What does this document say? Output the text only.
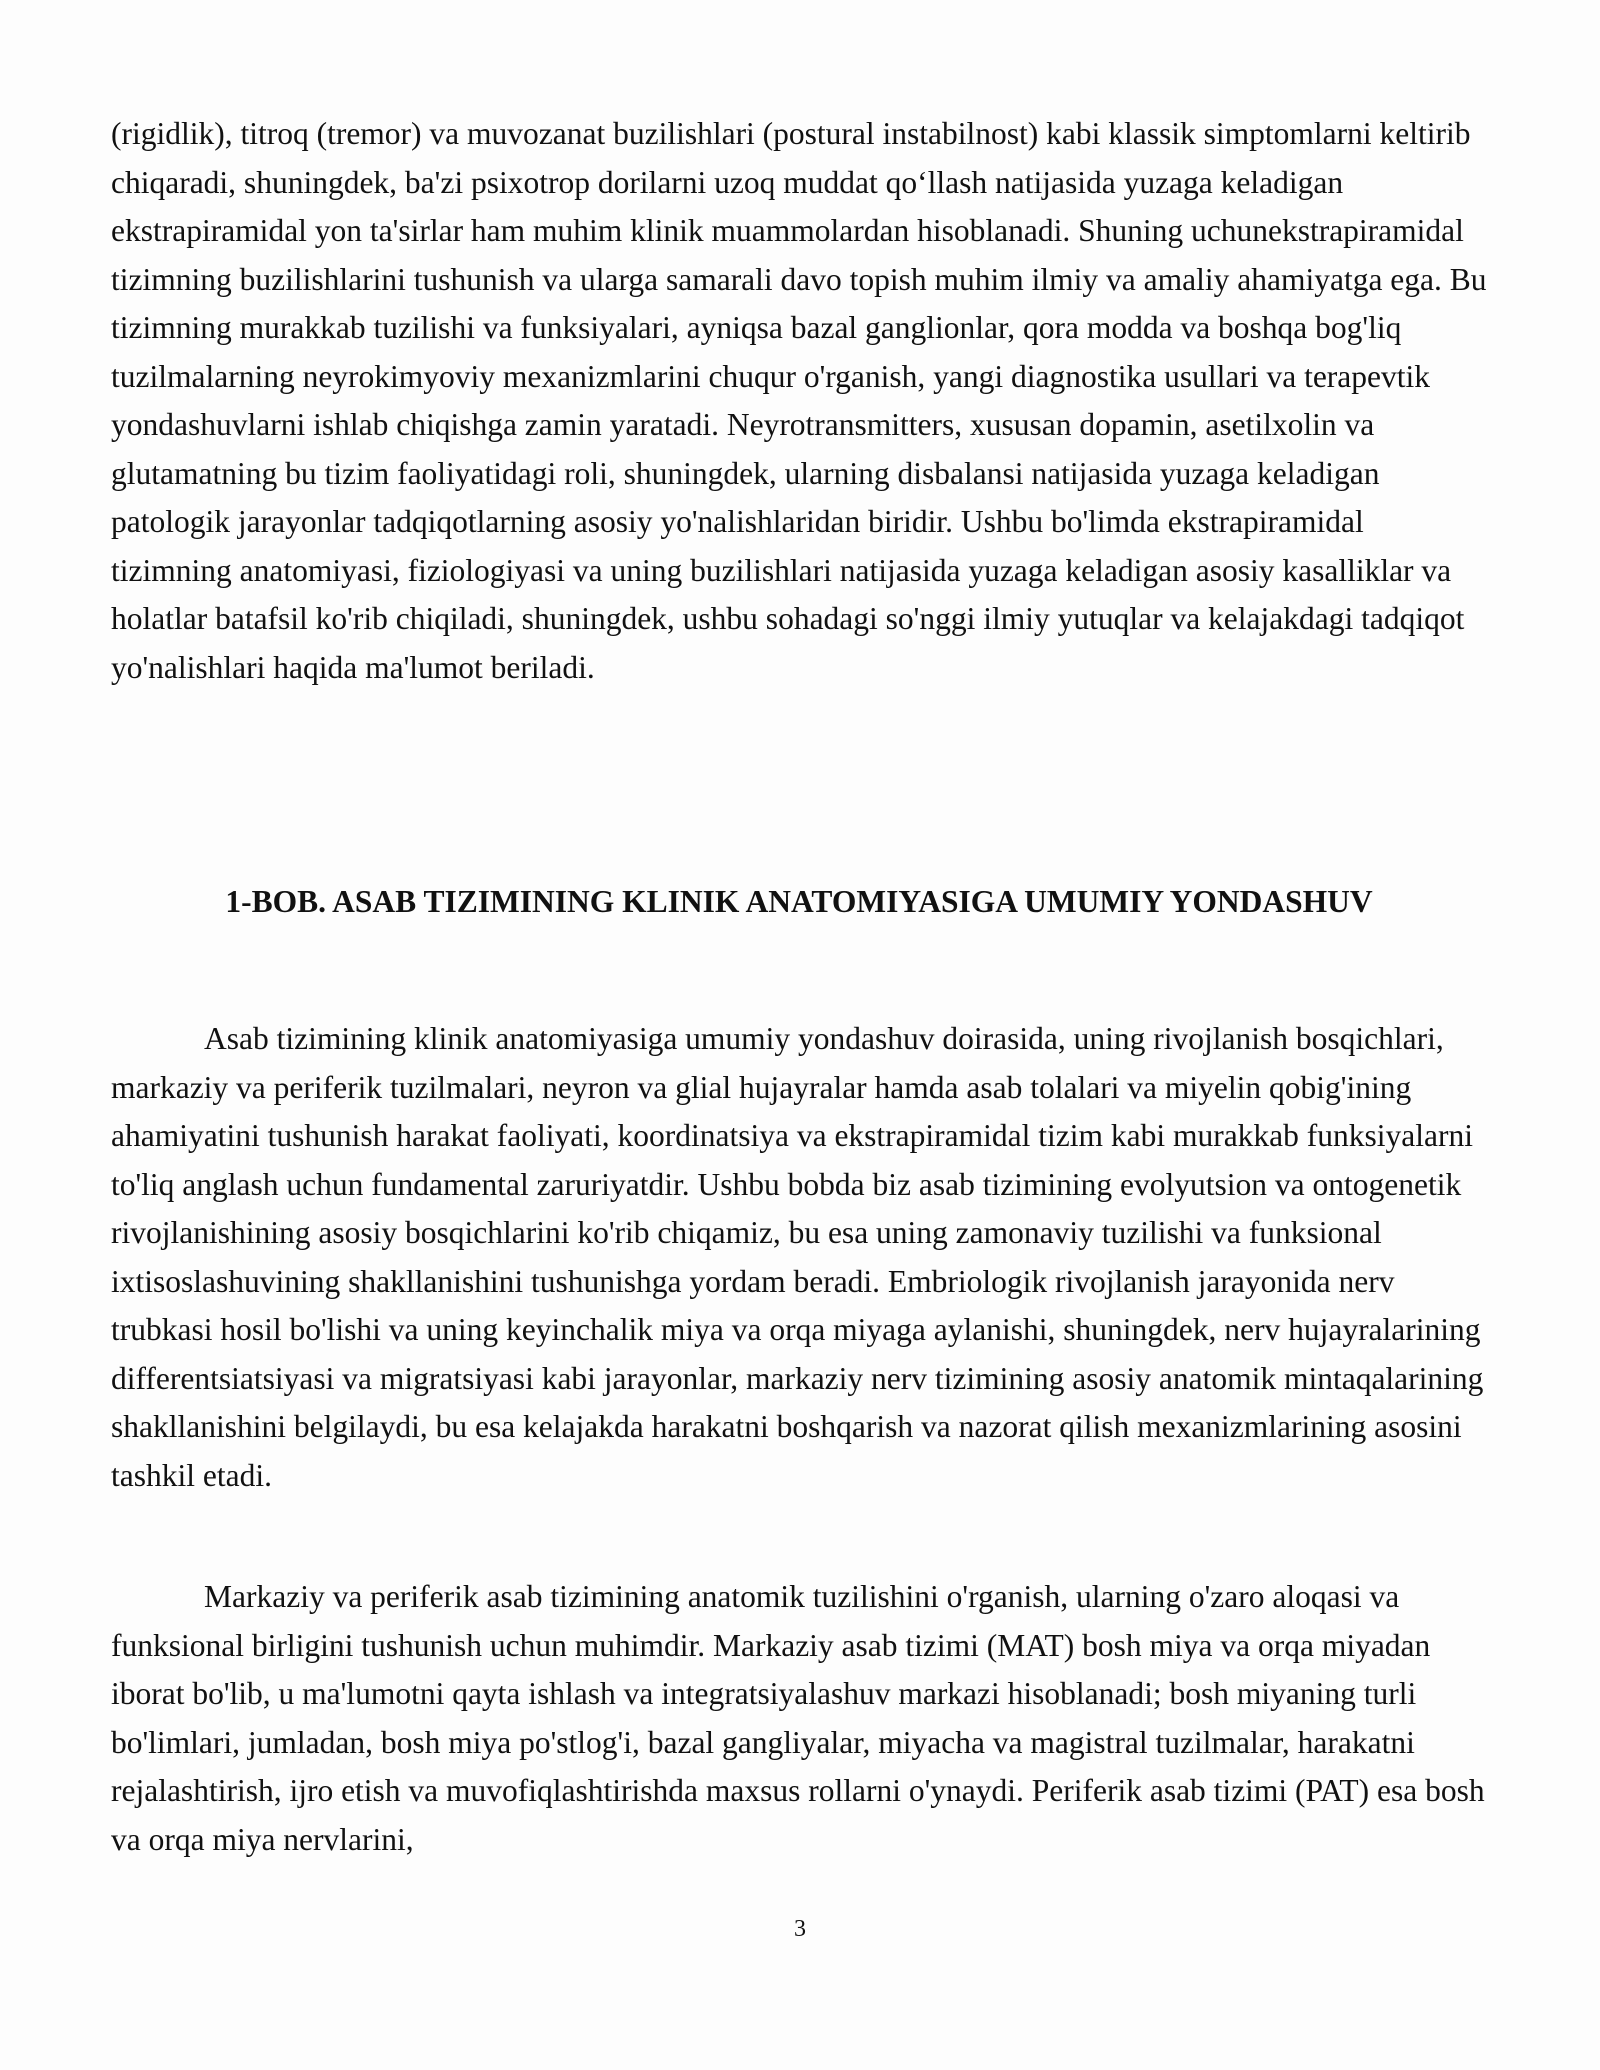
(rigidlik), titroq (tremor) va muvozanat buzilishlari (postural instabilnost) kabi klassik simptomlarni keltirib chiqaradi, shuningdek, ba'zi psixotrop dorilarni uzoq muddat qo‘llash natijasida yuzaga keladigan ekstrapiramidal yon ta'sirlar ham muhim klinik muammolardan hisoblanadi. Shuning uchunekstrapiramidal tizimning buzilishlarini tushunish va ularga samarali davo topish muhim ilmiy va amaliy ahamiyatga ega. Bu tizimning murakkab tuzilishi va funksiyalari, ayniqsa bazal ganglionlar, qora modda va boshqa bog'liq tuzilmalarning neyrokimyoviy mexanizmlarini chuqur o'rganish, yangi diagnostika usullari va terapevtik yondashuvlarni ishlab chiqishga zamin yaratadi. Neyrotransmitters, xususan dopamin, asetilxolin va glutamatning bu tizim faoliyatidagi roli, shuningdek, ularning disbalansi natijasida yuzaga keladigan patologik jarayonlar tadqiqotlarning asosiy yo'nalishlaridan biridir. Ushbu bo'limda ekstrapiramidal tizimning anatomiyasi, fiziologiyasi va uning buzilishlari natijasida yuzaga keladigan asosiy kasalliklar va holatlar batafsil ko'rib chiqiladi, shuningdek, ushbu sohadagi so'nggi ilmiy yutuqlar va kelajakdagi tadqiqot yo'nalishlari haqida ma'lumot beriladi.

1-BOB. ASAB TIZIMINING KLINIK ANATOMIYASIGA UMUMIY YONDASHUV

Asab tizimining klinik anatomiyasiga umumiy yondashuv doirasida, uning rivojlanish bosqichlari, markaziy va periferik tuzilmalari, neyron va glial hujayralar hamda asab tolalari va miyelin qobig'ining ahamiyatini tushunish harakat faoliyati, koordinatsiya va ekstrapiramidal tizim kabi murakkab funksiyalarni to'liq anglash uchun fundamental zaruriyatdir. Ushbu bobda biz asab tizimining evolyutsion va ontogenetik rivojlanishining asosiy bosqichlarini ko'rib chiqamiz, bu esa uning zamonaviy tuzilishi va funksional ixtisoslashuvining shakllanishini tushunishga yordam beradi. Embriologik rivojlanish jarayonida nerv trubkasi hosil bo'lishi va uning keyinchalik miya va orqa miyaga aylanishi, shuningdek, nerv hujayralarining differentsiatsiyasi va migratsiyasi kabi jarayonlar, markaziy nerv tizimining asosiy anatomik mintaqalarining shakllanishini belgilaydi, bu esa kelajakda harakatni boshqarish va nazorat qilish mexanizmlarining asosini tashkil etadi.

Markaziy va periferik asab tizimining anatomik tuzilishini o'rganish, ularning o'zaro aloqasi va funksional birligini tushunish uchun muhimdir. Markaziy asab tizimi (MAT) bosh miya va orqa miyadan iborat bo'lib, u ma'lumotni qayta ishlash va integratsiyalashuv markazi hisoblanadi; bosh miyaning turli bo'limlari, jumladan, bosh miya po'stlog'i, bazal gangliyalar, miyacha va magistral tuzilmalar, harakatni rejalashtirish, ijro etish va muvofiqlashtirishda maxsus rollarni o'ynaydi. Periferik asab tizimi (PAT) esa bosh va orqa miya nervlarini,

3
